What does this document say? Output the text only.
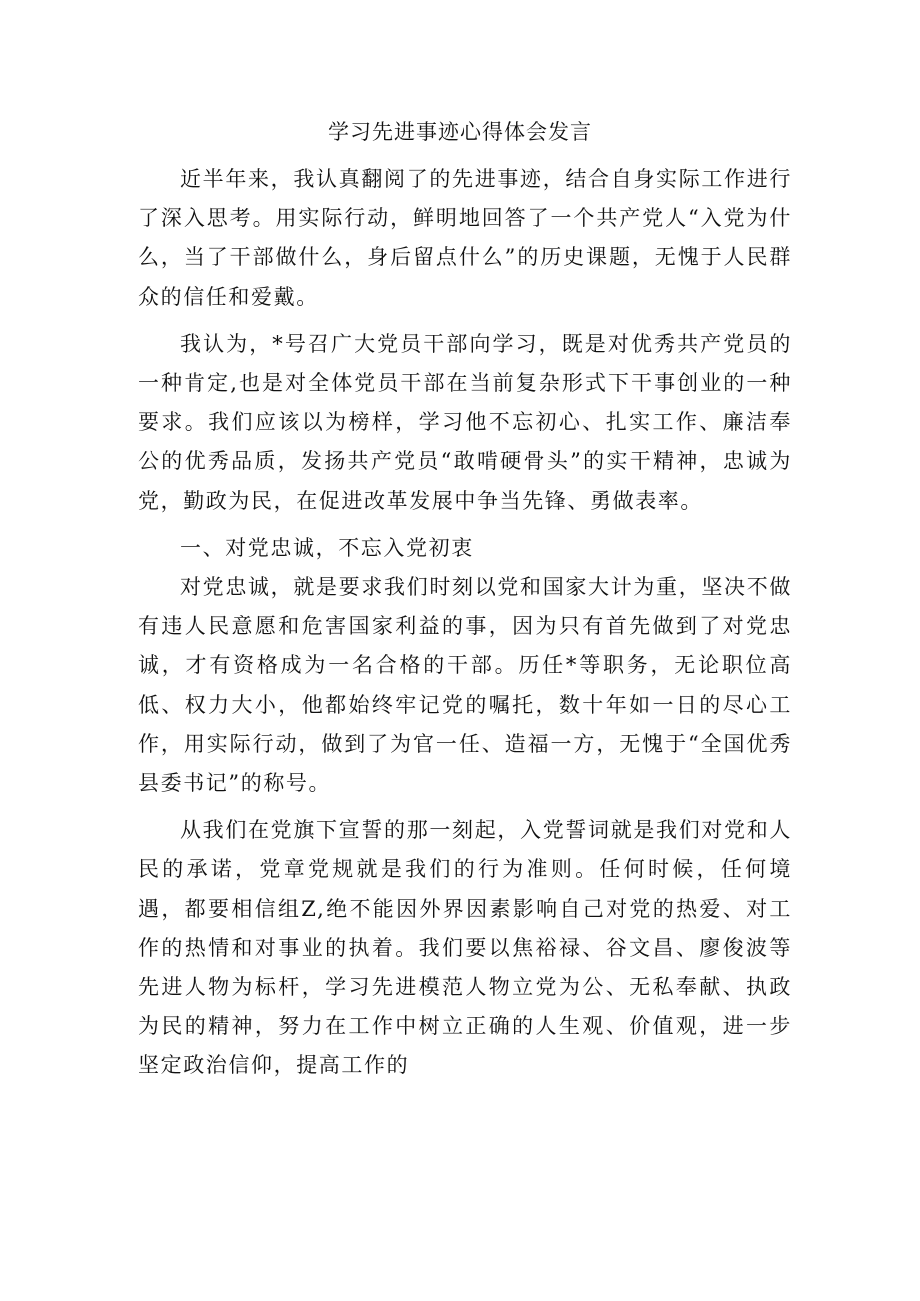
学习先进事迹心得体会发言

近半年来，我认真翻阅了的先进事迹，结合自身实际工作进行了深入思考。用实际行动，鲜明地回答了一个共产党人“入党为什么，当了干部做什么，身后留点什么”的历史课题，无愧于人民群众的信任和爱戴。

我认为，*号召广大党员干部向学习，既是对优秀共产党员的一种肯定,也是对全体党员干部在当前复杂形式下干事创业的一种要求。我们应该以为榜样，学习他不忘初心、扎实工作、廉洁奉公的优秀品质，发扬共产党员“敢啃硬骨头”的实干精神，忠诚为党，勤政为民，在促进改革发展中争当先锋、勇做表率。

一、对党忠诚，不忘入党初衷

对党忠诚，就是要求我们时刻以党和国家大计为重，坚决不做有违人民意愿和危害国家利益的事，因为只有首先做到了对党忠诚，才有资格成为一名合格的干部。历任*等职务，无论职位高低、权力大小，他都始终牢记党的嘱托，数十年如一日的尽心工作，用实际行动，做到了为官一任、造福一方，无愧于“全国优秀县委书记”的称号。

从我们在党旗下宣誓的那一刻起，入党誓词就是我们对党和人民的承诺，党章党规就是我们的行为准则。任何时候，任何境遇，都要相信组Z,绝不能因外界因素影响自己对党的热爱、对工作的热情和对事业的执着。我们要以焦裕禄、谷文昌、廖俊波等先进人物为标杆，学习先进模范人物立党为公、无私奉献、执政为民的精神，努力在工作中树立正确的人生观、价值观，进一步坚定政治信仰，提高工作的
